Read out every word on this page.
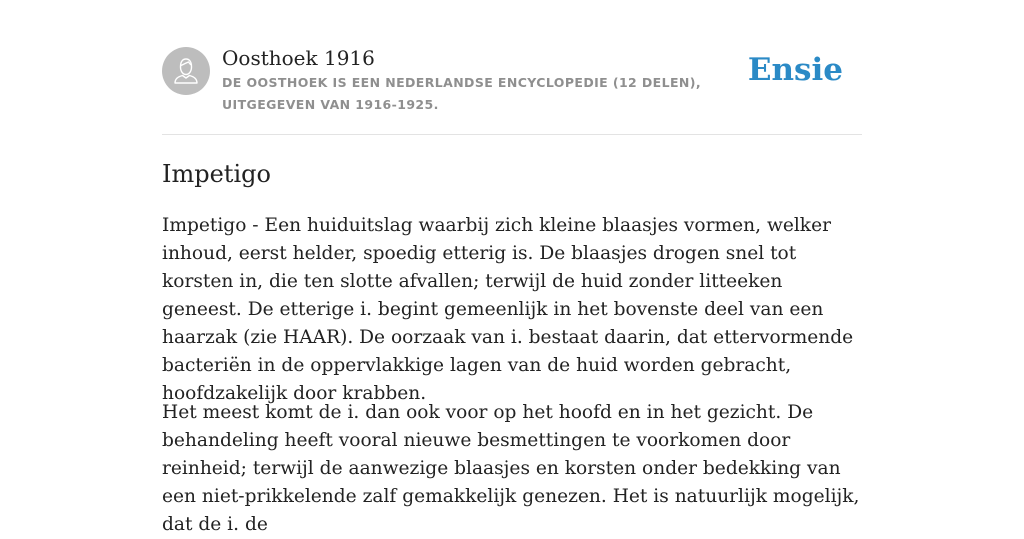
Oosthoek 1916
DE OOSTHOEK IS EEN NEDERLANDSE ENCYCLOPEDIE (12 DELEN), UITGEGEVEN VAN 1916-1925.
Ensie
Impetigo

Impetigo - Een huiduitslag waarbij zich kleine blaasjes vormen, welker inhoud, eerst helder, spoedig etterig is. De blaasjes drogen snel tot korsten in, die ten slotte afvallen; terwijl de huid zonder litteeken geneest. De etterige i. begint gemeenlijk in het bovenste deel van een haarzak (zie HAAR). De oorzaak van i. bestaat daarin, dat ettervormende bacteriën in de oppervlakkige lagen van de huid worden gebracht, hoofdzakelijk door krabben.

Het meest komt de i. dan ook voor op het hoofd en in het gezicht. De behandeling heeft vooral nieuwe besmettingen te voorkomen door reinheid; terwijl de aanwezige blaasjes en korsten onder bedekking van een niet-prikkelende zalf gemakkelijk genezen. Het is natuurlijk mogelijk, dat de i. de
